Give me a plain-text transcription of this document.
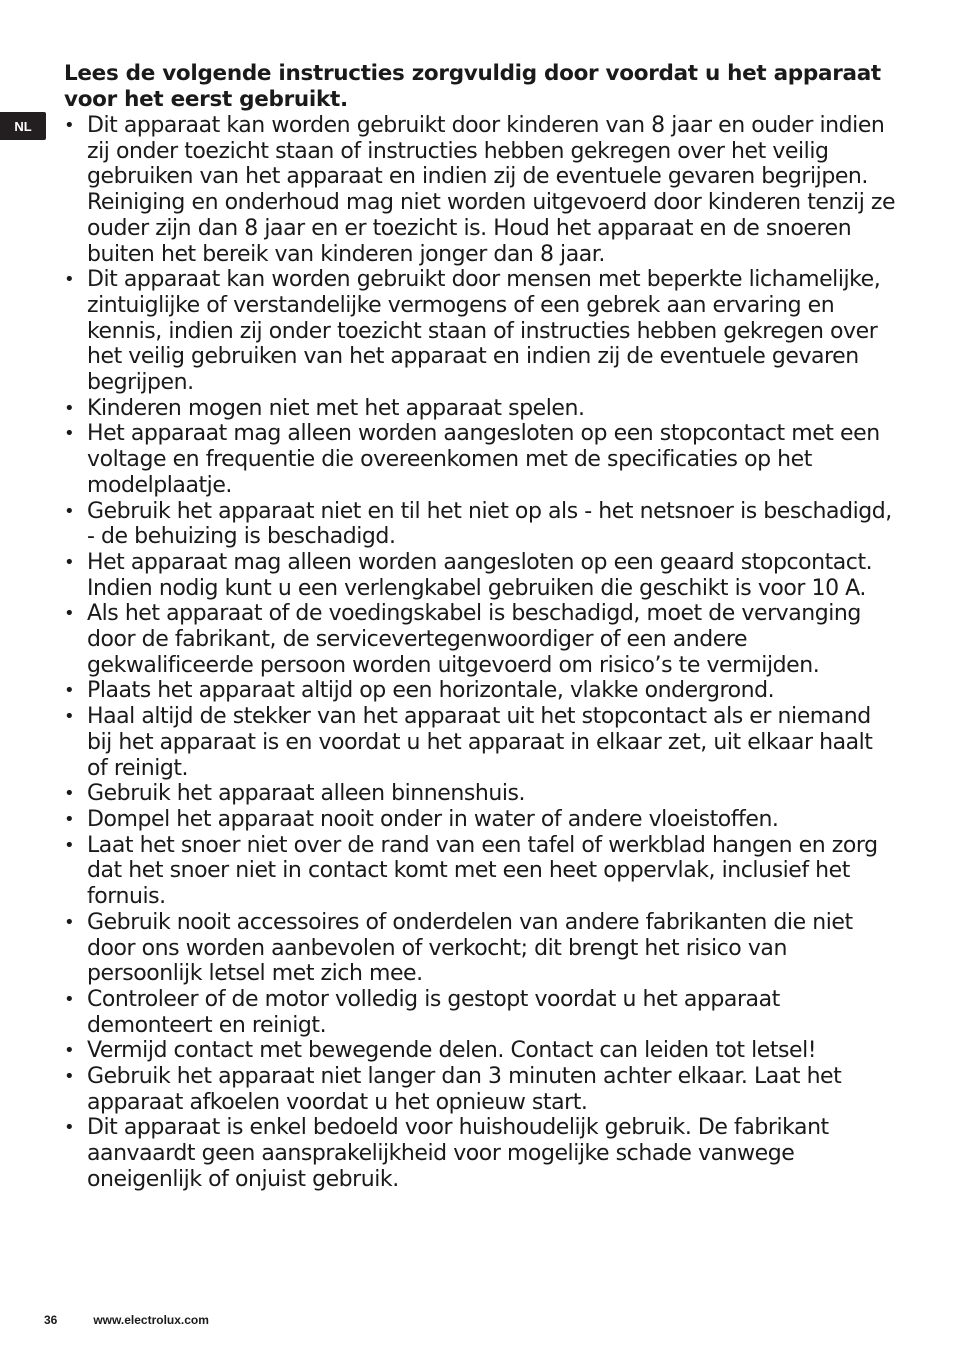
NL
Lees de volgende instructies zorgvuldig door voordat u het apparaat voor het eerst gebruikt.
• Dit apparaat kan worden gebruikt door kinderen van 8 jaar en ouder indien zij onder toezicht staan of instructies hebben gekregen over het veilig gebruiken van het apparaat en indien zij de eventuele gevaren begrijpen. Reiniging en onderhoud mag niet worden uitgevoerd door kinderen tenzij ze ouder zijn dan 8 jaar en er toezicht is. Houd het apparaat en de snoeren buiten het bereik van kinderen jonger dan 8 jaar.
• Dit apparaat kan worden gebruikt door mensen met beperkte lichamelijke, zintuiglijke of verstandelijke vermogens of een gebrek aan ervaring en kennis, indien zij onder toezicht staan of instructies hebben gekregen over het veilig gebruiken van het apparaat en indien zij de eventuele gevaren begrijpen.
• Kinderen mogen niet met het apparaat spelen.
• Het apparaat mag alleen worden aangesloten op een stopcontact met een voltage en frequentie die overeenkomen met de specificaties op het modelplaatje.
• Gebruik het apparaat niet en til het niet op als - het netsnoer is beschadigd, - de behuizing is beschadigd.
• Het apparaat mag alleen worden aangesloten op een geaard stopcontact. Indien nodig kunt u een verlengkabel gebruiken die geschikt is voor 10 A.
• Als het apparaat of de voedingskabel is beschadigd, moet de vervanging door de fabrikant, de servicevertegenwoordiger of een andere gekwalificeerde persoon worden uitgevoerd om risico’s te vermijden.
• Plaats het apparaat altijd op een horizontale, vlakke ondergrond.
• Haal altijd de stekker van het apparaat uit het stopcontact als er niemand bij het apparaat is en voordat u het apparaat in elkaar zet, uit elkaar haalt of reinigt.
• Gebruik het apparaat alleen binnenshuis.
• Dompel het apparaat nooit onder in water of andere vloeistoffen.
• Laat het snoer niet over de rand van een tafel of werkblad hangen en zorg dat het snoer niet in contact komt met een heet oppervlak, inclusief het fornuis.
• Gebruik nooit accessoires of onderdelen van andere fabrikanten die niet door ons worden aanbevolen of verkocht; dit brengt het risico van persoonlijk letsel met zich mee.
• Controleer of de motor volledig is gestopt voordat u het apparaat demonteert en reinigt.
• Vermijd contact met bewegende delen. Contact can leiden tot letsel!
• Gebruik het apparaat niet langer dan 3 minuten achter elkaar. Laat het apparaat afkoelen voordat u het opnieuw start.
• Dit apparaat is enkel bedoeld voor huishoudelijk gebruik. De fabrikant aanvaardt geen aansprakelijkheid voor mogelijke schade vanwege oneigenlijk of onjuist gebruik.
36	www.electrolux.com
